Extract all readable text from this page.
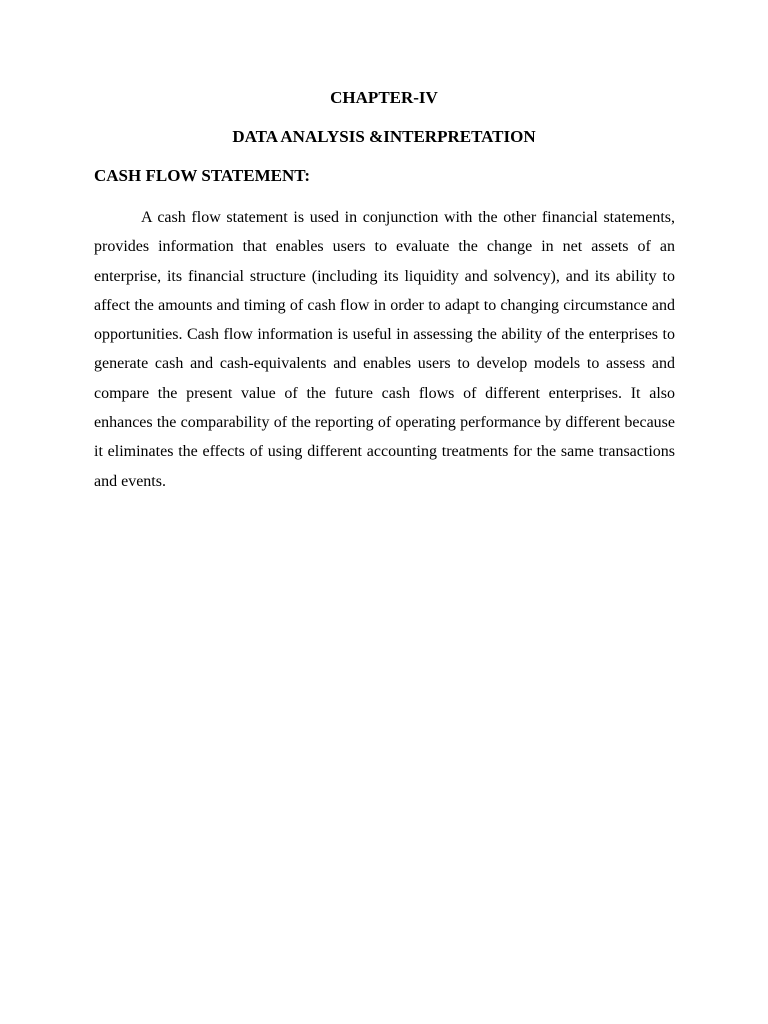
CHAPTER-IV
DATA ANALYSIS &INTERPRETATION
CASH FLOW STATEMENT:

A cash flow statement is used in conjunction with the other financial statements, provides information that enables users to evaluate the change in net assets of an enterprise, its financial structure (including its liquidity and solvency), and its ability to affect the amounts and timing of cash flow in order to adapt to changing circumstance and opportunities. Cash flow information is useful in assessing the ability of the enterprises to generate cash and cash-equivalents and enables users to develop models to assess and compare the present value of the future cash flows of different enterprises. It also enhances the comparability of the reporting of operating performance by different because it eliminates the effects of using different accounting treatments for the same transactions and events.
